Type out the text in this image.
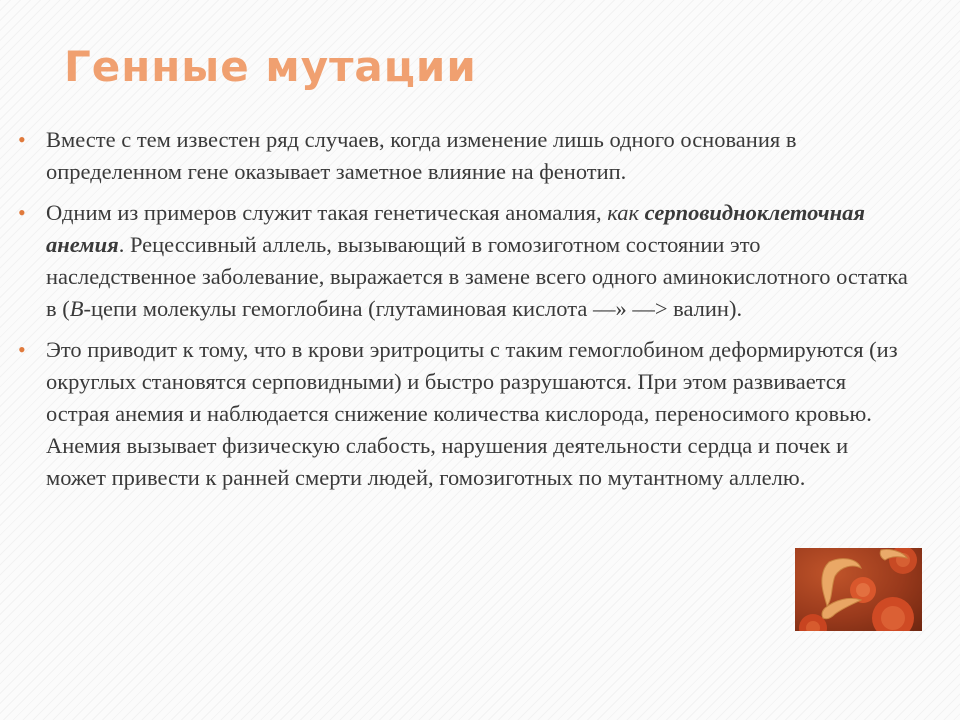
Генные мутации

• Вместе с тем известен ряд случаев, когда изменение лишь одного основания в определенном гене оказывает заметное влияние на фенотип.

• Одним из примеров служит такая генетическая аномалия, как серповидноклеточная анемия. Рецессивный аллель, вызывающий в гомозиготном состоянии это наследственное заболевание, выражается в замене всего одного аминокислотного остатка в (В-цепи молекулы гемоглобина (глутаминовая кислота —» —> валин).

• Это приводит к тому, что в крови эритроциты с таким гемоглобином деформируются (из округлых становятся серповидными) и быстро разрушаются. При этом развивается острая анемия и наблюдается снижение количества кислорода, переносимого кровью. Анемия вызывает физическую слабость, нарушения деятельности сердца и почек и может привести к ранней смерти людей, гомозиготных по мутантному аллелю.
